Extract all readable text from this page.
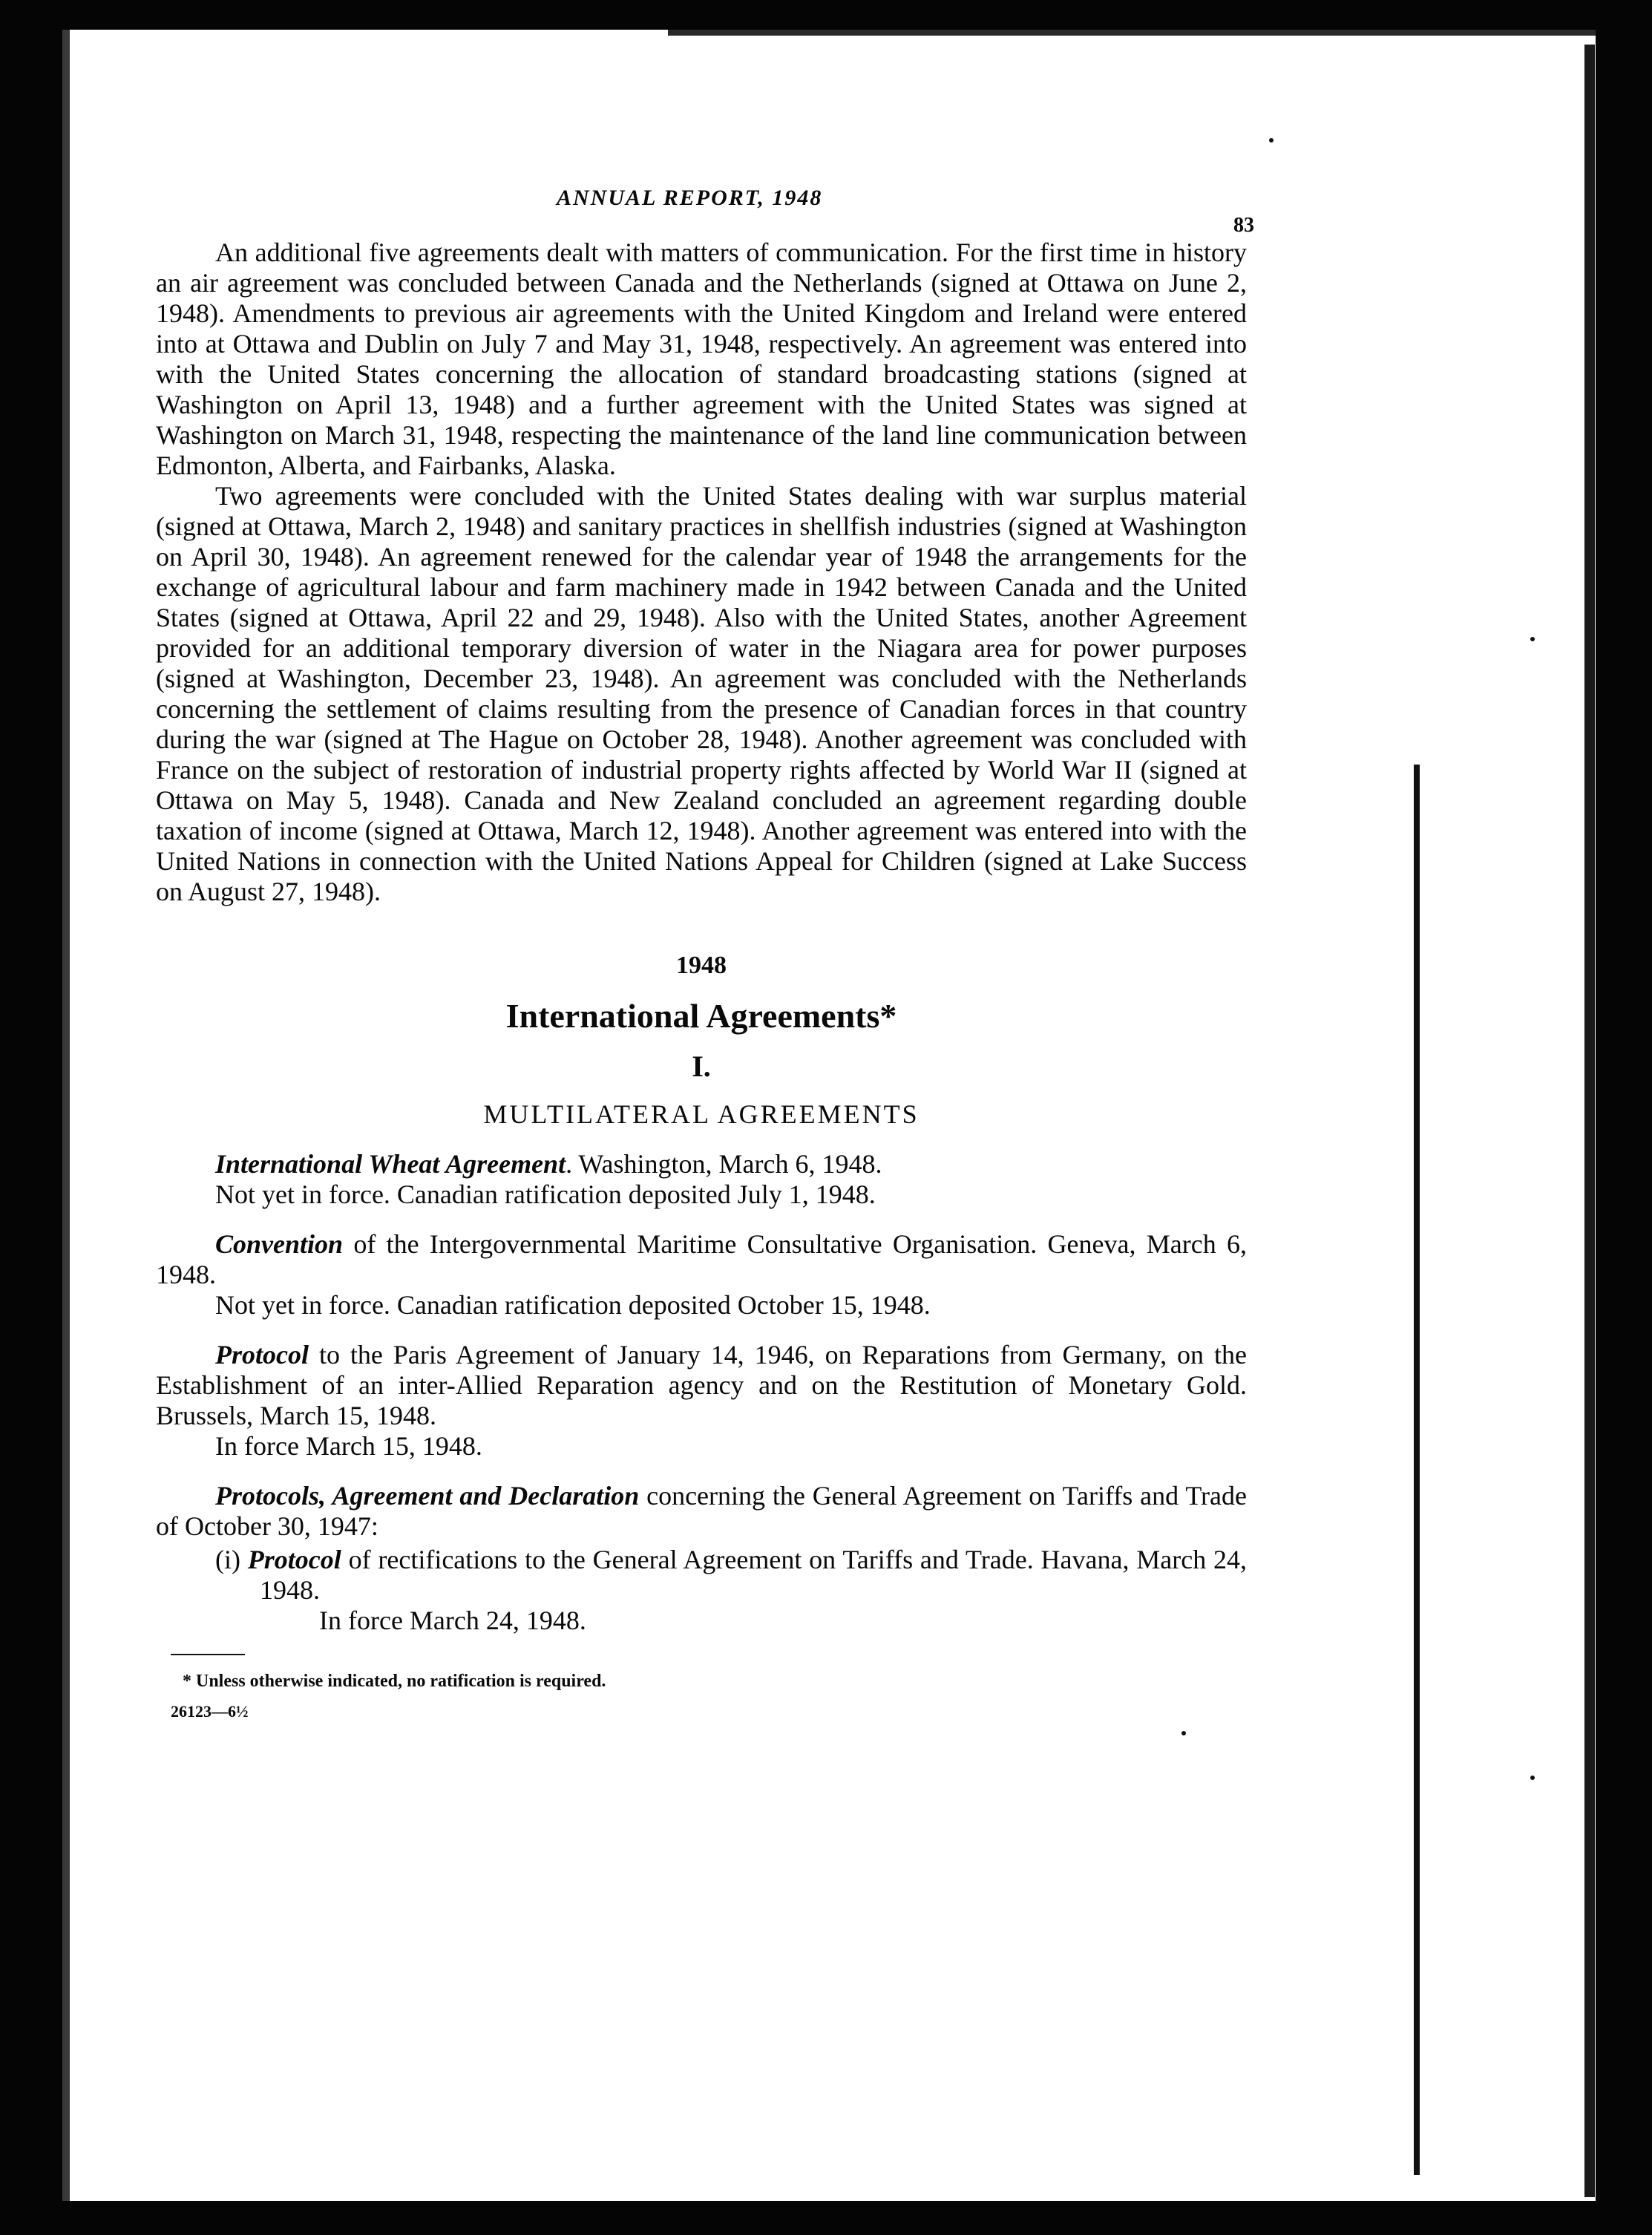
ANNUAL REPORT, 1948
83

An additional five agreements dealt with matters of communication. For the first time in history an air agreement was concluded between Canada and the Netherlands (signed at Ottawa on June 2, 1948). Amendments to previous air agreements with the United Kingdom and Ireland were entered into at Ottawa and Dublin on July 7 and May 31, 1948, respectively. An agreement was entered into with the United States concerning the allocation of standard broadcasting stations (signed at Washington on April 13, 1948) and a further agreement with the United States was signed at Washington on March 31, 1948, respecting the maintenance of the land line communication between Edmonton, Alberta, and Fairbanks, Alaska.

Two agreements were concluded with the United States dealing with war surplus material (signed at Ottawa, March 2, 1948) and sanitary practices in shellfish industries (signed at Washington on April 30, 1948). An agreement renewed for the calendar year of 1948 the arrangements for the exchange of agricultural labour and farm machinery made in 1942 between Canada and the United States (signed at Ottawa, April 22 and 29, 1948). Also with the United States, another Agreement provided for an additional temporary diversion of water in the Niagara area for power purposes (signed at Washington, December 23, 1948). An agreement was concluded with the Netherlands concerning the settlement of claims resulting from the presence of Canadian forces in that country during the war (signed at The Hague on October 28, 1948). Another agreement was concluded with France on the subject of restoration of industrial property rights affected by World War II (signed at Ottawa on May 5, 1948). Canada and New Zealand concluded an agreement regarding double taxation of income (signed at Ottawa, March 12, 1948). Another agreement was entered into with the United Nations in connection with the United Nations Appeal for Children (signed at Lake Success on August 27, 1948).

1948
International Agreements*
I.
MULTILATERAL AGREEMENTS
International Wheat Agreement. Washington, March 6, 1948.
Not yet in force. Canadian ratification deposited July 1, 1948.
Convention of the Intergovernmental Maritime Consultative Organisation. Geneva, March 6, 1948.
Not yet in force. Canadian ratification deposited October 15, 1948.
Protocol to the Paris Agreement of January 14, 1946, on Reparations from Germany, on the Establishment of an inter-Allied Reparation agency and on the Restitution of Monetary Gold. Brussels, March 15, 1948.
In force March 15, 1948.
Protocols, Agreement and Declaration concerning the General Agreement on Tariffs and Trade of October 30, 1947:
(i) Protocol of rectifications to the General Agreement on Tariffs and Trade. Havana, March 24, 1948.
In force March 24, 1948.
* Unless otherwise indicated, no ratification is required.
26123—6½
